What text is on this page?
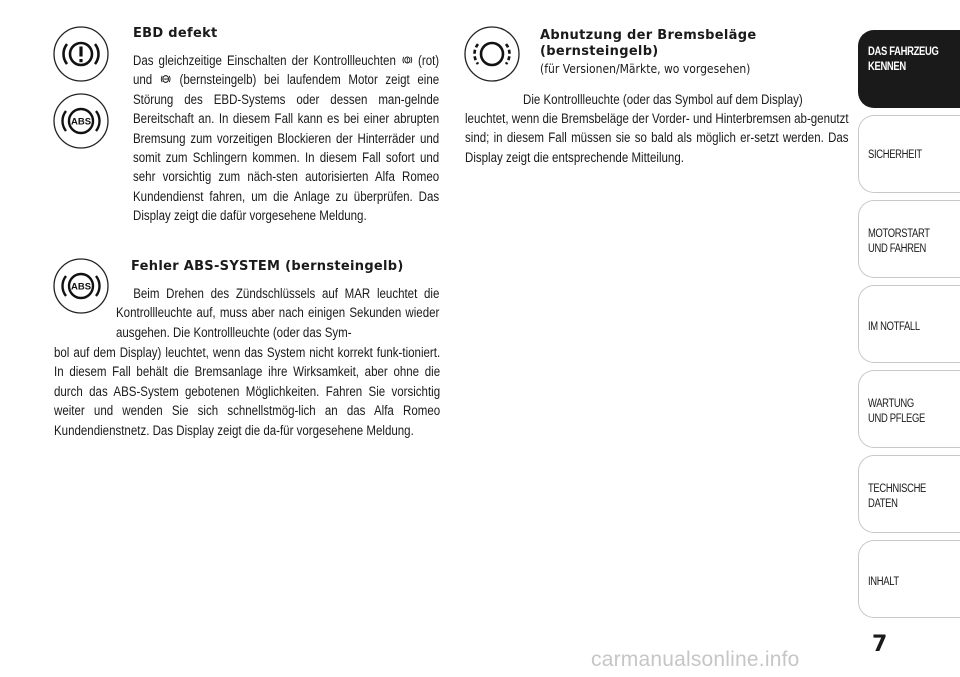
ABS
EBD defekt

Das gleichzeitige Einschalten der Kontrollleuchten (rot) und	ABS (bernsteingelb) bei laufendem Motor zeigt eine Störung des EBD-Systems oder dessen man-gelnde Bereitschaft an. In diesem Fall kann es bei einer abrupten Bremsung zum vorzeitigen Blockieren der Hinterräder und somit zum Schlingern kommen. In diesem Fall sofort und sehr vorsichtig zum näch-sten autorisierten Alfa Romeo Kundendienst fahren, um die Anlage zu überprüfen. Das Display zeigt die dafür vorgesehene Meldung.

ABS
Fehler ABS-SYSTEM (bernsteingelb)

Beim Drehen des Zündschlüssels auf MAR leuchtet die Kontrollleuchte auf, muss aber nach einigen Sekunden wieder ausgehen. Die Kontrollleuchte (oder das Sym-

bol auf dem Display) leuchtet, wenn das System nicht korrekt funk-tioniert. In diesem Fall behält die Bremsanlage ihre Wirksamkeit, aber ohne die durch das ABS-System gebotenen Möglichkeiten. Fahren Sie vorsichtig weiter und wenden Sie sich schnellstmög-lich an das Alfa Romeo Kundendienstnetz. Das Display zeigt die da-für vorgesehene Meldung.

Abnutzung der Bremsbeläge
(bernsteingelb)
(für Versionen/Märkte, wo vorgesehen)

Die Kontrollleuchte (oder das Symbol auf dem Display)

leuchtet, wenn die Bremsbeläge der Vorder- und Hinterbremsen ab-genutzt sind; in diesem Fall müssen sie so bald als möglich er-setzt werden. Das Display zeigt die entsprechende Mitteilung.

DAS FAHRZEUG
KENNEN
SICHERHEIT
MOTORSTART
UND FAHREN
IM NOTFALL
WARTUNG
UND PFLEGE
TECHNISCHE
DATEN
INHALT
7
carmanualsonline.info
